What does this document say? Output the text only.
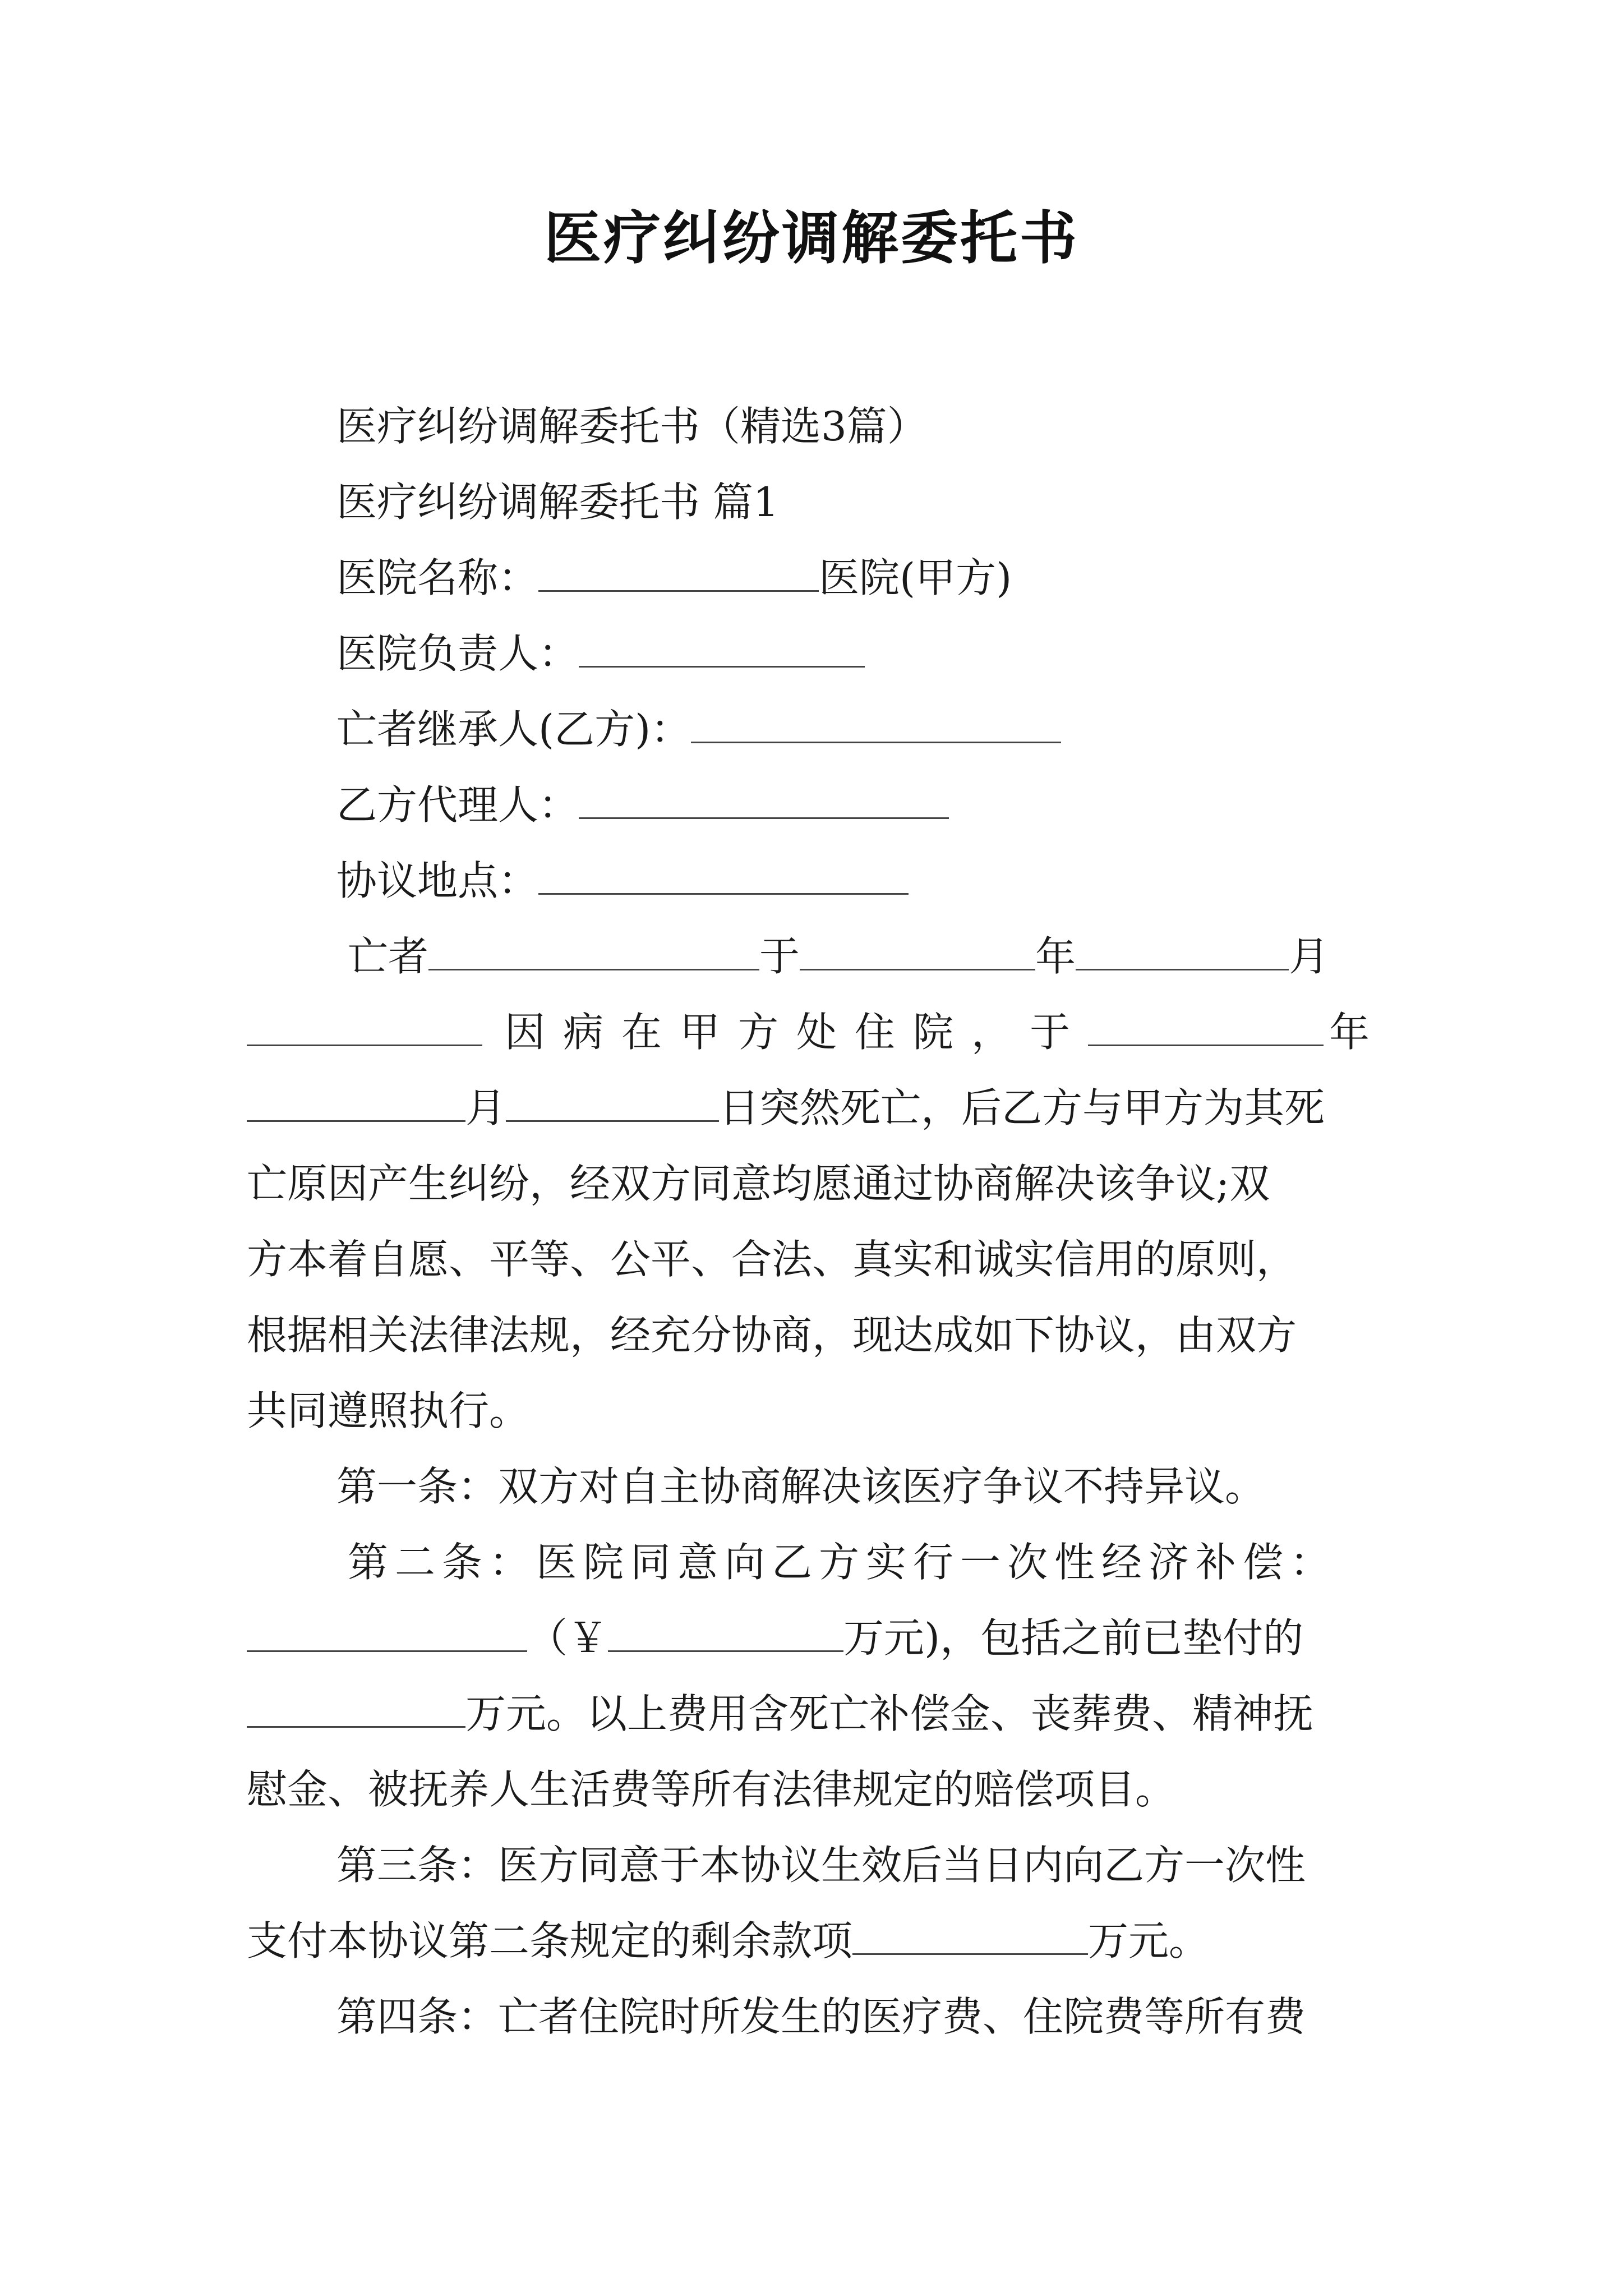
医疗纠纷调解委托书
医疗纠纷调解委托书（精选3篇）
医疗纠纷调解委托书 篇1
医院名称：	医院(甲方)
医院负责人：
亡者继承人(乙方)：
乙方代理人：
协议地点：
亡者	于	年	月
因病在甲方处住院，于	年
月	日突然死亡，后乙方与甲方为其死
亡原因产生纠纷，经双方同意均愿通过协商解决该争议;双
方本着自愿、平等、公平、合法、真实和诚实信用的原则，
根据相关法律法规，经充分协商，现达成如下协议，由双方
共同遵照执行。
第一条：双方对自主协商解决该医疗争议不持异议。
第二条：医院同意向乙方实行一次性经济补偿：
（￥	万元)，包括之前已垫付的
万元。以上费用含死亡补偿金、丧葬费、精神抚
慰金、被抚养人生活费等所有法律规定的赔偿项目。
第三条：医方同意于本协议生效后当日内向乙方一次性
支付本协议第二条规定的剩余款项	万元。
第四条：亡者住院时所发生的医疗费、住院费等所有费
